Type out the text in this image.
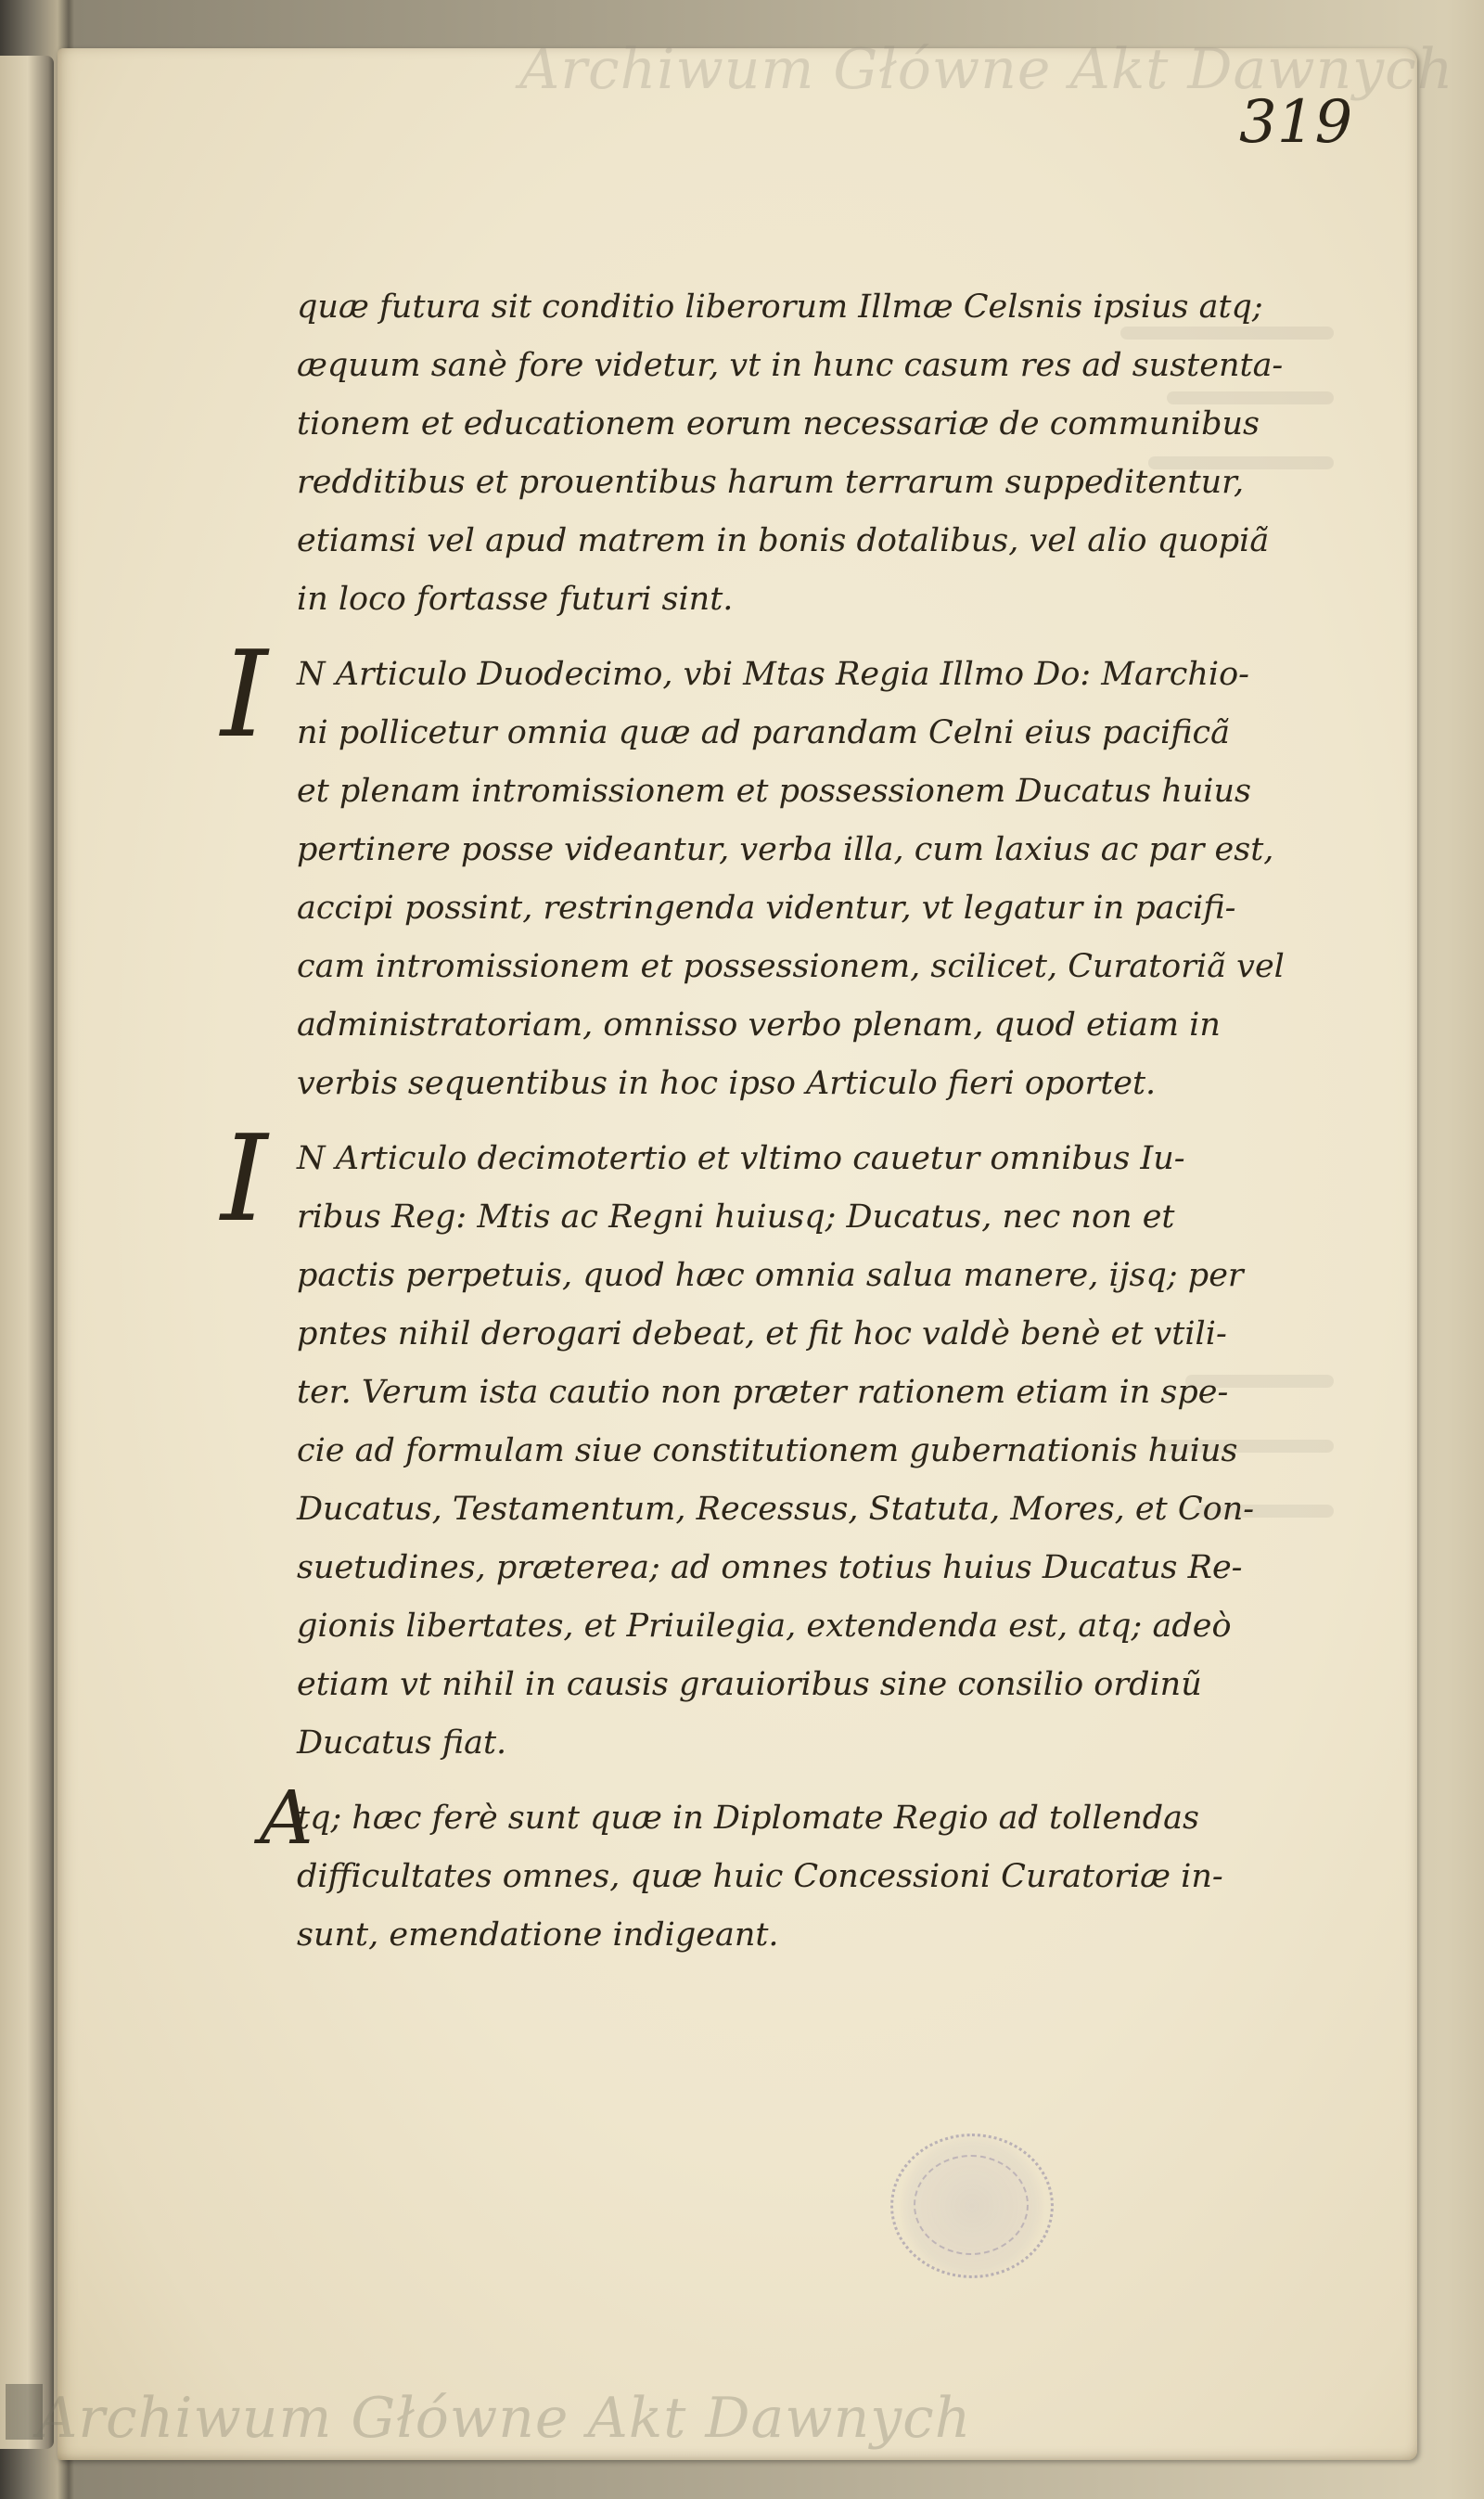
Archiwum Główne Akt Dawnych
Archiwum Główne Akt Dawnych
319

quæ futura sit conditio liberorum Illmæ Celsnis ipsius atq;
æquum sanè fore videtur, vt in hunc casum res ad sustenta-
tionem et educationem eorum necessariæ de communibus
redditibus et prouentibus harum terrarum suppeditentur,
etiamsi vel apud matrem in bonis dotalibus, vel alio quopiã
in loco fortasse futuri sint.

I N Articulo Duodecimo, vbi Mtas Regia Illmo Do: Marchio-
ni pollicetur omnia quæ ad parandam Celni eius pacificã
et plenam intromissionem et possessionem Ducatus huius
pertinere posse videantur, verba illa, cum laxius ac par est,
accipi possint, restringenda videntur, vt legatur in pacifi-
cam intromissionem et possessionem, scilicet, Curatoriã vel
administratoriam, omnisso verbo plenam, quod etiam in
verbis sequentibus in hoc ipso Articulo fieri oportet.

I N Articulo decimotertio et vltimo cauetur omnibus Iu-
ribus Reg: Mtis ac Regni huiusq; Ducatus, nec non et
pactis perpetuis, quod hæc omnia salua manere, ijsq; per
pntes nihil derogari debeat, et fit hoc valdè benè et vtili-
ter. Verum ista cautio non præter rationem etiam in spe-
cie ad formulam siue constitutionem gubernationis huius
Ducatus, Testamentum, Recessus, Statuta, Mores, et Con-
suetudines, præterea; ad omnes totius huius Ducatus Re-
gionis libertates, et Priuilegia, extendenda est, atq; adeò
etiam vt nihil in causis grauioribus sine consilio ordinũ
Ducatus fiat.

A
tq; hæc ferè sunt quæ in Diplomate Regio ad tollendas
difficultates omnes, quæ huic Concessioni Curatoriæ in-
sunt, emendatione indigeant.
